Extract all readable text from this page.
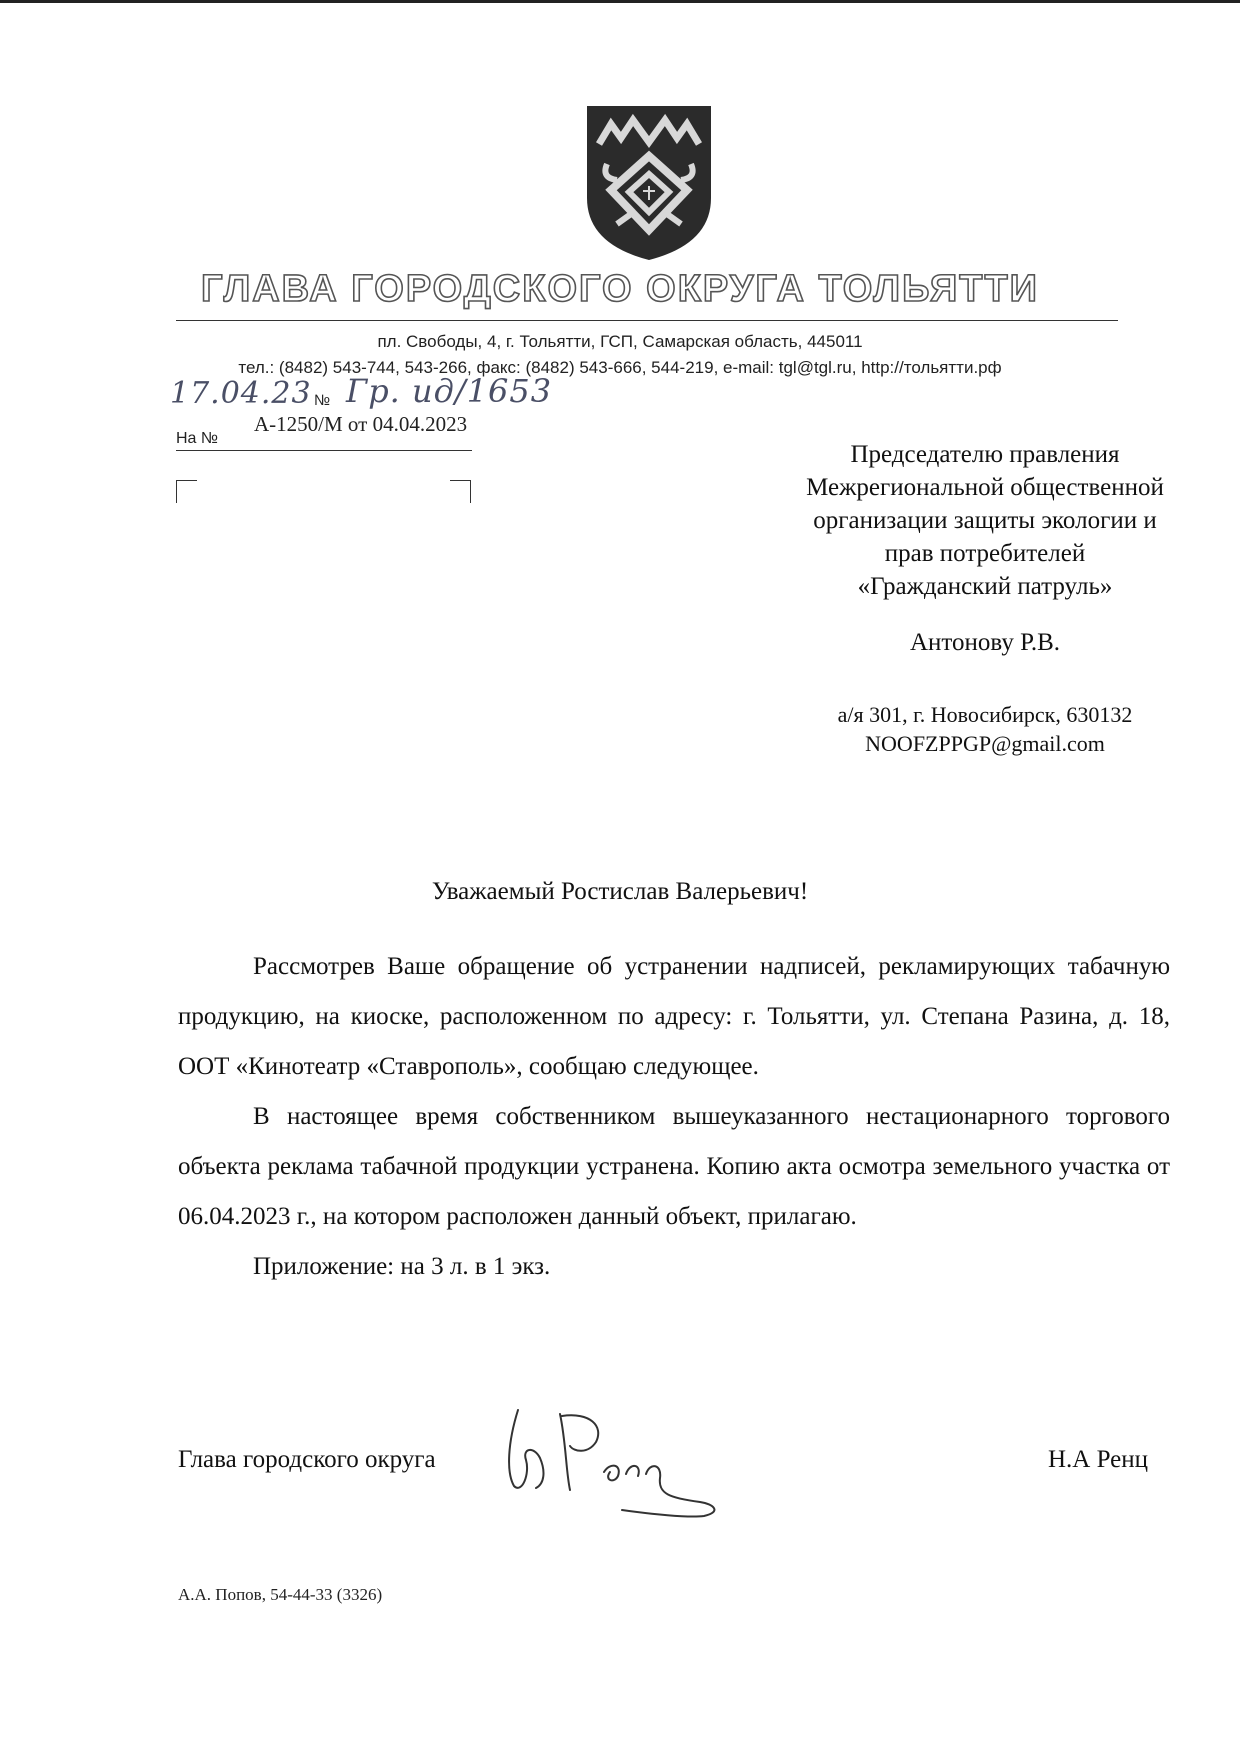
ГЛАВА ГОРОДСКОГО ОКРУГА ТОЛЬЯТТИ
пл. Свободы, 4, г. Тольятти, ГСП, Самарская область, 445011
тел.: (8482) 543-744, 543-266, факс: (8482) 543-666, 544-219, e-mail: tgl@tgl.ru, http://тольятти.рф
17.04.23 № Гр. ид/1653
А-1250/М от 04.04.2023
На №
Председателю правления
Межрегиональной общественной
организации защиты экологии и
прав потребителей
«Гражданский патруль»
Антонову Р.В.
а/я 301, г. Новосибирск, 630132
NOOFZPPGP@gmail.com
Уважаемый Ростислав Валерьевич!

Рассмотрев Ваше обращение об устранении надписей, рекламирующих табачную продукцию, на киоске, расположенном по адресу: г. Тольятти, ул. Степана Разина, д. 18, ООТ «Кинотеатр «Ставрополь», сообщаю следующее.

В настоящее время собственником вышеуказанного нестационарного торгового объекта реклама табачной продукции устранена. Копию акта осмотра земельного участка от 06.04.2023 г., на котором расположен данный объект, прилагаю.

Приложение: на 3 л. в 1 экз.

Глава городского округа	Н.А Ренц
А.А. Попов, 54-44-33 (3326)
